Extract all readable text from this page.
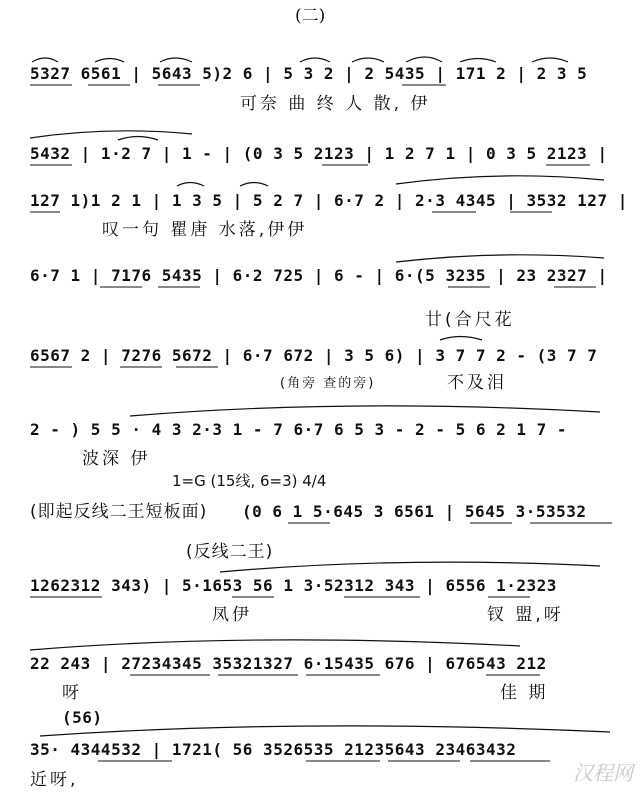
(二)
5327 6561 | 5643 5)2 6 | 5 3 2 | 2 5435 | 171 2 | 2 3 5
可奈 曲 终 人 散, 伊
5432 | 1·2 7 | 1 - | (0 3 5 2123 | 1 2 7 1 | 0 3 5 2123 |
127 1)1 2 1 | 1 3 5 | 5 2 7 | 6·7 2 | 2·3 4345 | 3532 127 |
叹一句 瞿唐 水落,伊伊
6·7 1 | 7176 5435 | 6·2 725 | 6 - | 6·(5 3235 | 23 2327 |
廿(合尺花
6567 2 | 7276 5672 | 6·7 672 | 3 5 6) | 3 7 7 2 - (3 7 7
(角旁 查的旁)	不及泪
2 - ) 5 5 · 4 3 2·3 1 - 7 6·7 6 5 3 - 2 - 5 6 2 1 7 -
波深 伊
1=G (15线, 6=3) 4/4
(即起反线二王短板面) (0 6 1 5·645 3 6561 | 5645 3·53532
(反线二王)
1262312 343) | 5·1653 56 1 3·52312 343 | 6556 1·2323
凤伊	钗 盟,呀
22 243 | 27234345 35321327 6·15435 676 | 676543 212
呀	佳 期
(56)
35· 4344532 | 1721( 56 3526535 21235643 23463432
近呀,	汉程网
